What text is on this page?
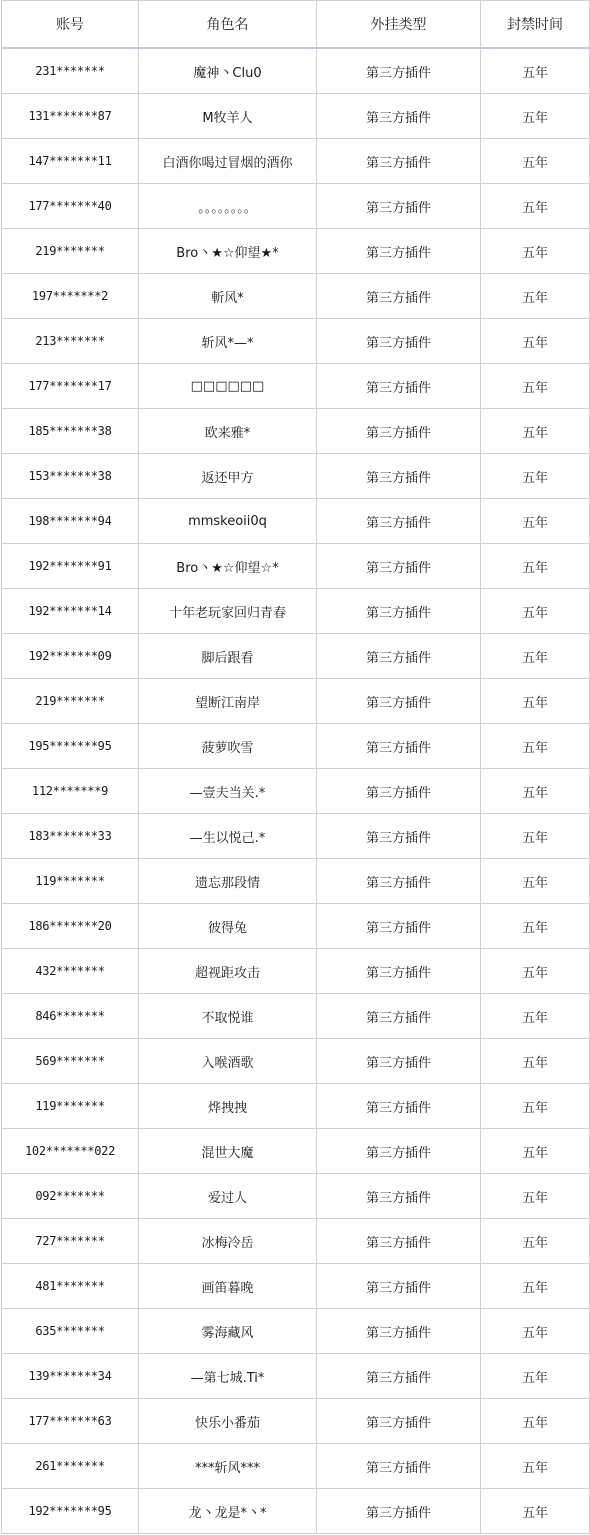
账号	角色名	外挂类型	封禁时间
231*******	魔神丶Clu0	第三方插件	五年
131*******87	M牧羊人	第三方插件	五年
147*******11	白酒你喝过冒烟的酒你	第三方插件	五年
177*******40	。。。。。。。。	第三方插件	五年
219*******	Bro丶★☆仰望★*	第三方插件	五年
197*******2	斬风*	第三方插件	五年
213*******	斩风*—*	第三方插件	五年
177*******17	□□□□□□	第三方插件	五年
185*******38	欧来雅*	第三方插件	五年
153*******38	返还甲方	第三方插件	五年
198*******94	mmskeoii0q	第三方插件	五年
192*******91	Bro丶★☆仰望☆*	第三方插件	五年
192*******14	十年老玩家回归青春	第三方插件	五年
192*******09	脚后跟看	第三方插件	五年
219*******	望断江南岸	第三方插件	五年
195*******95	菠萝吹雪	第三方插件	五年
112*******9	—壹夫当关.*	第三方插件	五年
183*******33	—生以悦己.*	第三方插件	五年
119*******	遗忘那段情	第三方插件	五年
186*******20	彼得兔	第三方插件	五年
432*******	超视距攻击	第三方插件	五年
846*******	不取悦谁	第三方插件	五年
569*******	入喉酒歌	第三方插件	五年
119*******	烨拽拽	第三方插件	五年
102*******022	混世大魔	第三方插件	五年
092*******	爱过人	第三方插件	五年
727*******	冰梅冷岳	第三方插件	五年
481*******	画笛暮晚	第三方插件	五年
635*******	雾海藏风	第三方插件	五年
139*******34	—第七城.Ti*	第三方插件	五年
177*******63	快乐小番茄	第三方插件	五年
261*******	***斩风***	第三方插件	五年
192*******95	龙丶龙是*丶*	第三方插件	五年
